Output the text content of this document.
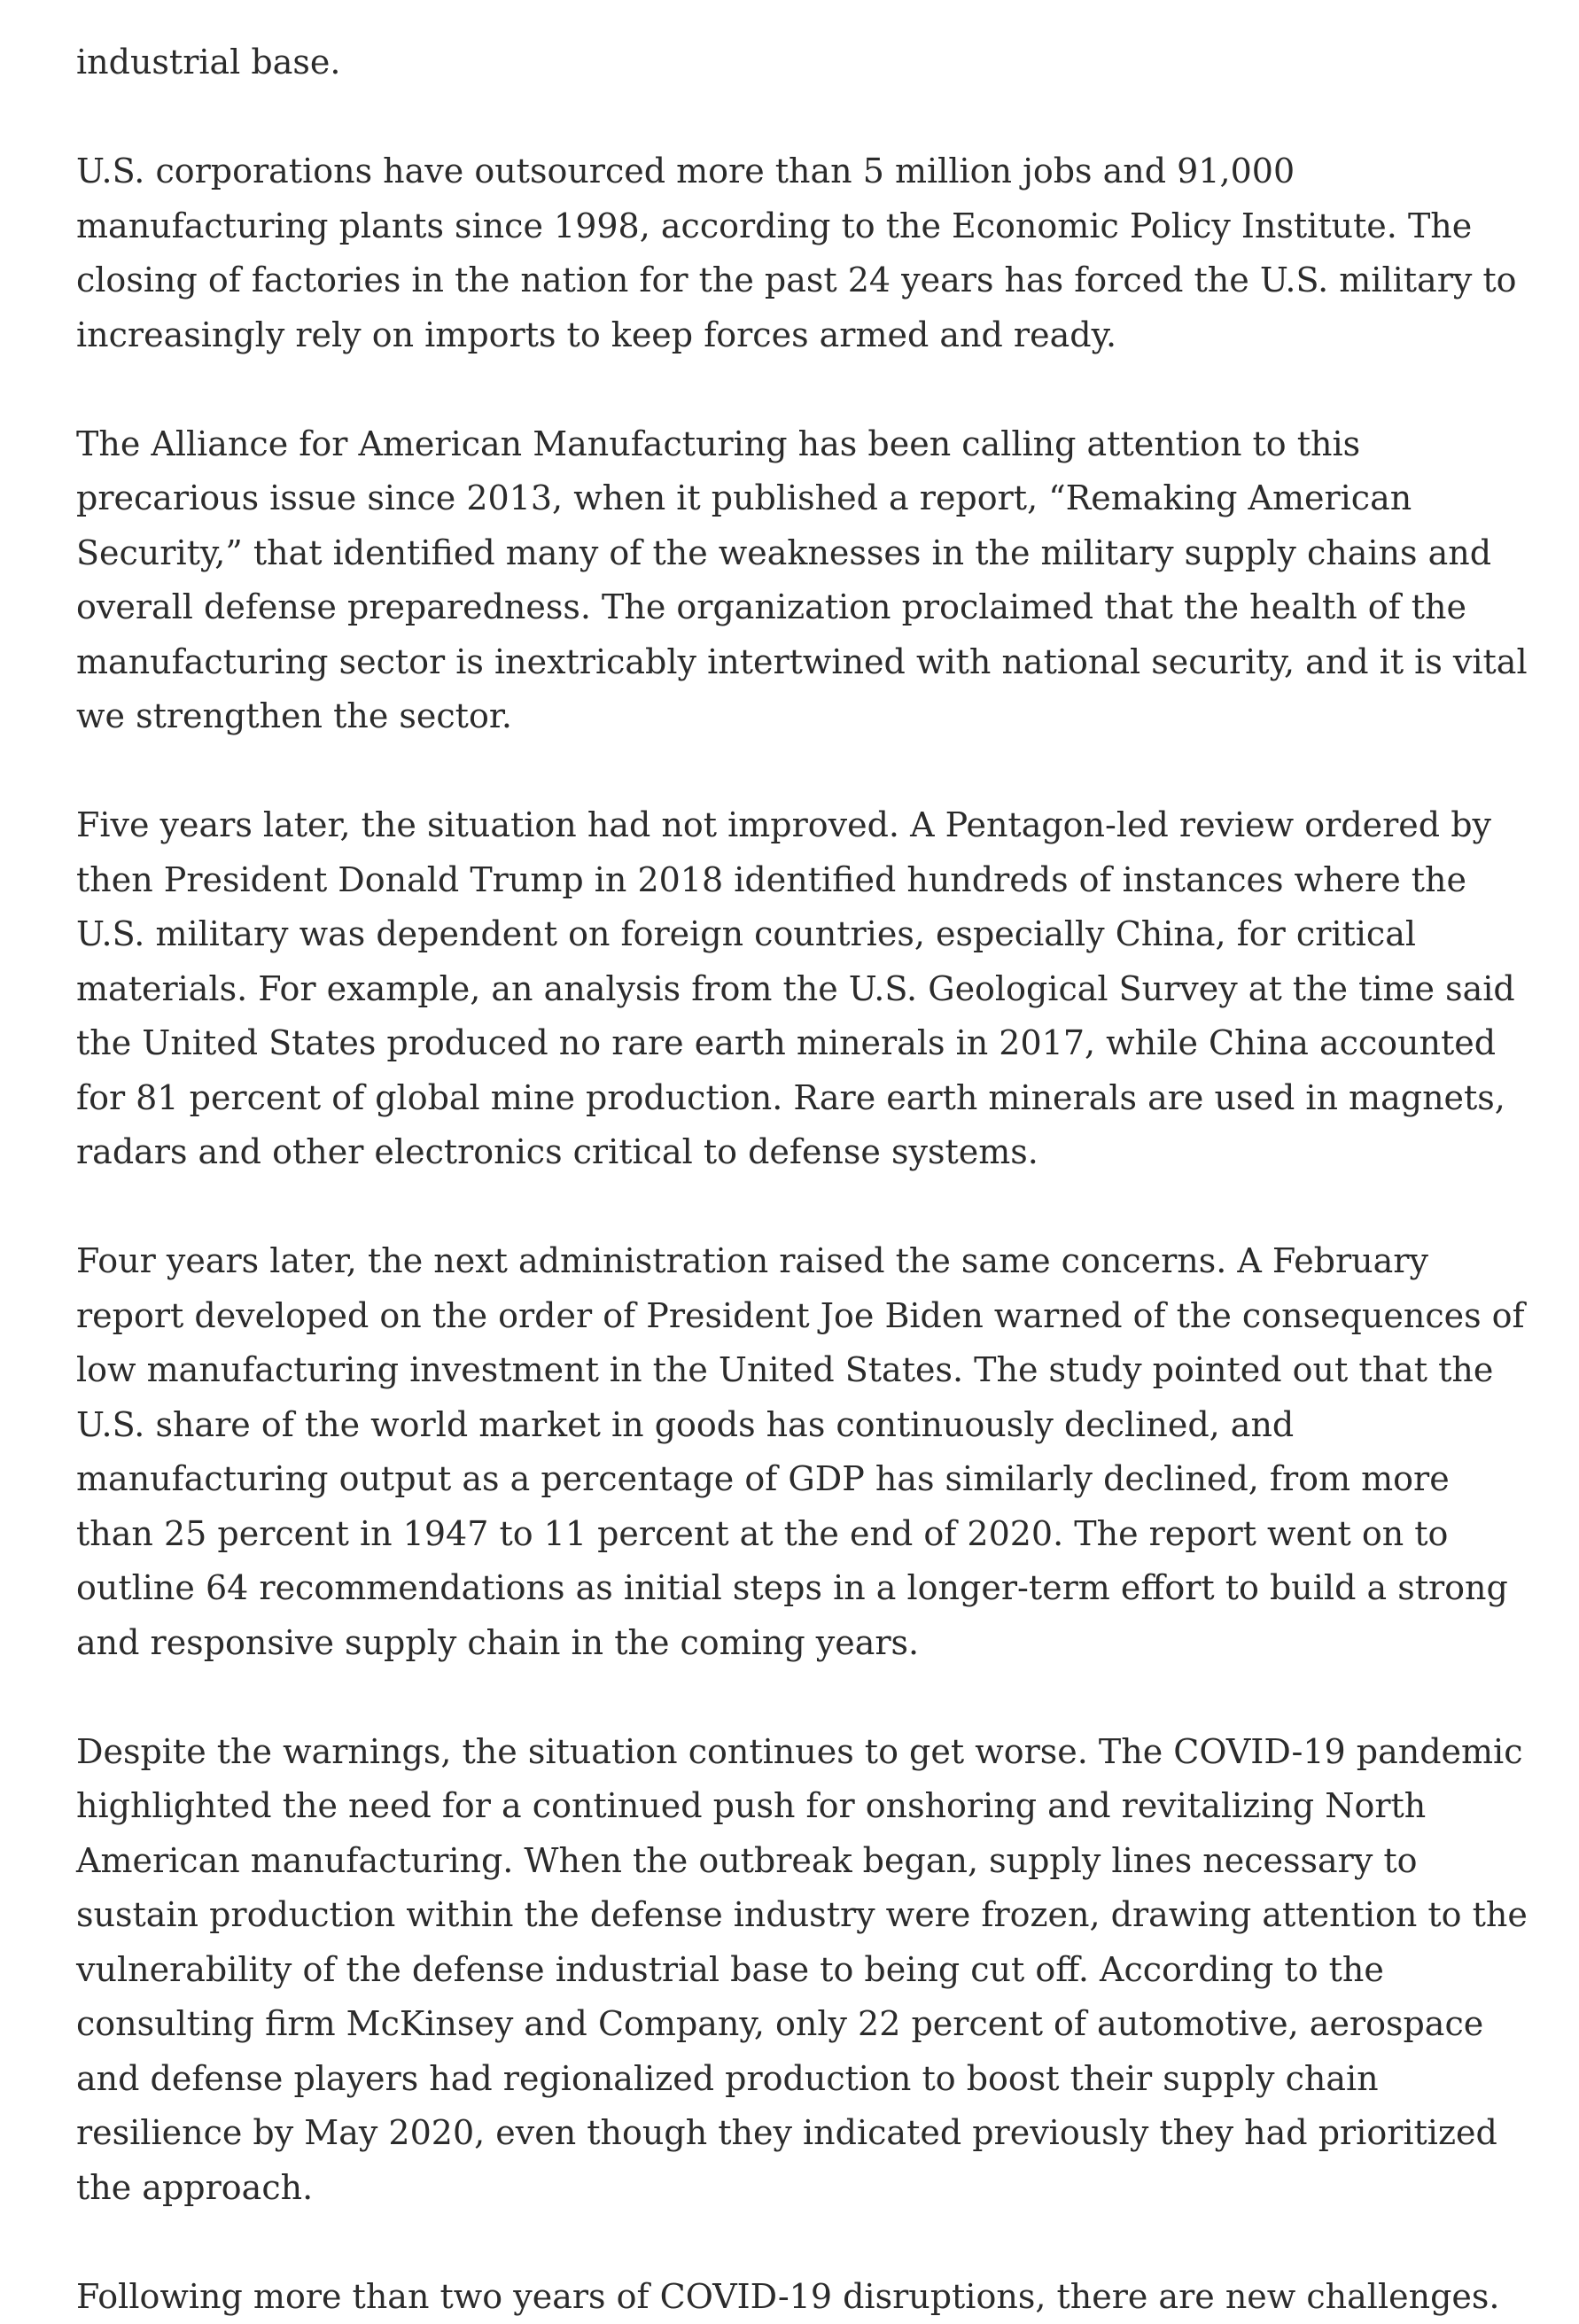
industrial base.

U.S. corporations have outsourced more than 5 million jobs and 91,000 manufacturing plants since 1998, according to the Economic Policy Institute. The closing of factories in the nation for the past 24 years has forced the U.S. military to increasingly rely on imports to keep forces armed and ready.

The Alliance for American Manufacturing has been calling attention to this precarious issue since 2013, when it published a report, “Remaking American Security,” that identified many of the weaknesses in the military supply chains and overall defense preparedness. The organization proclaimed that the health of the manufacturing sector is inextricably intertwined with national security, and it is vital we strengthen the sector.

Five years later, the situation had not improved. A Pentagon-led review ordered by then President Donald Trump in 2018 identified hundreds of instances where the U.S. military was dependent on foreign countries, especially China, for critical materials. For example, an analysis from the U.S. Geological Survey at the time said the United States produced no rare earth minerals in 2017, while China accounted for 81 percent of global mine production. Rare earth minerals are used in magnets, radars and other electronics critical to defense systems.

Four years later, the next administration raised the same concerns. A February report developed on the order of President Joe Biden warned of the consequences of low manufacturing investment in the United States. The study pointed out that the U.S. share of the world market in goods has continuously declined, and manufacturing output as a percentage of GDP has similarly declined, from more than 25 percent in 1947 to 11 percent at the end of 2020. The report went on to outline 64 recommendations as initial steps in a longer-term effort to build a strong and responsive supply chain in the coming years.

Despite the warnings, the situation continues to get worse. The COVID-19 pandemic highlighted the need for a continued push for onshoring and revitalizing North American manufacturing. When the outbreak began, supply lines necessary to sustain production within the defense industry were frozen, drawing attention to the vulnerability of the defense industrial base to being cut off. According to the consulting firm McKinsey and Company, only 22 percent of automotive, aerospace and defense players had regionalized production to boost their supply chain resilience by May 2020, even though they indicated previously they had prioritized the approach.

Following more than two years of COVID-19 disruptions, there are new challenges.
